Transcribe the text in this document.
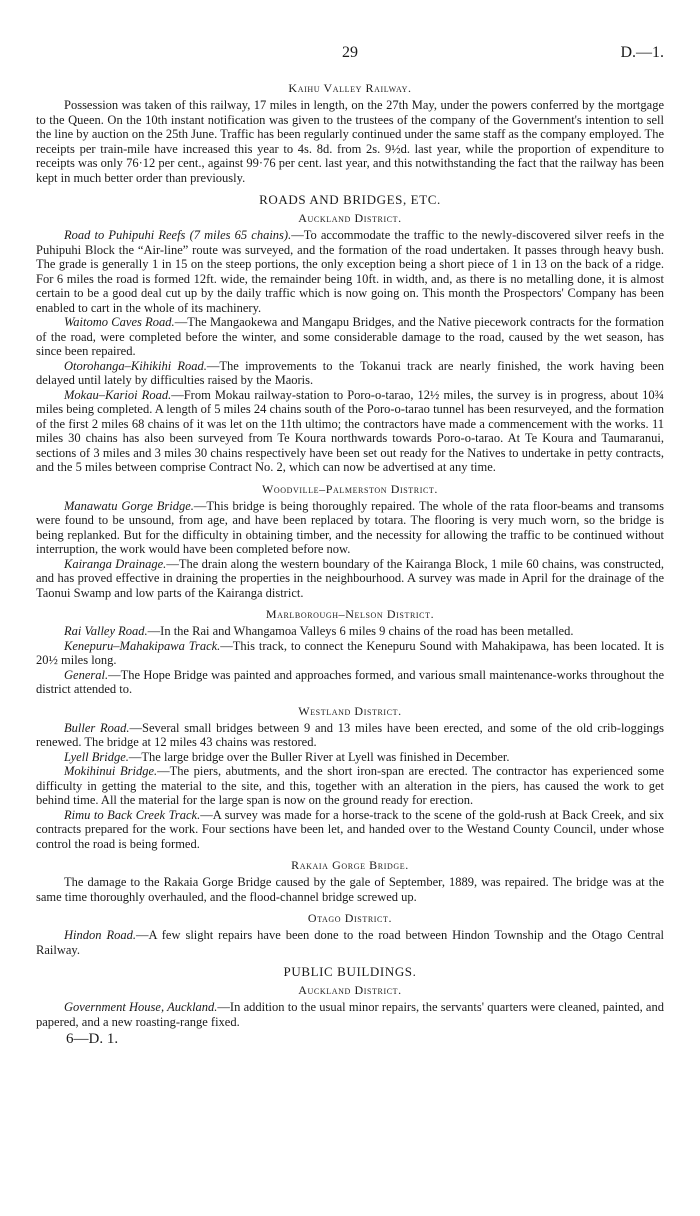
29	D.—1.
Kaihu Valley Railway.

Possession was taken of this railway, 17 miles in length, on the 27th May, under the powers conferred by the mortgage to the Queen. On the 10th instant notification was given to the trustees of the company of the Government's intention to sell the line by auction on the 25th June. Traffic has been regularly continued under the same staff as the company employed. The receipts per train-mile have increased this year to 4s. 8d. from 2s. 9½d. last year, while the proportion of expenditure to receipts was only 76·12 per cent., against 99·76 per cent. last year, and this notwithstanding the fact that the railway has been kept in much better order than previously.

ROADS AND BRIDGES, ETC.
Auckland District.

Road to Puhipuhi Reefs (7 miles 65 chains).—To accommodate the traffic to the newly-discovered silver reefs in the Puhipuhi Block the “Air-line” route was surveyed, and the formation of the road undertaken. It passes through heavy bush. The grade is generally 1 in 15 on the steep portions, the only exception being a short piece of 1 in 13 on the back of a ridge. For 6 miles the road is formed 12ft. wide, the remainder being 10ft. in width, and, as there is no metalling done, it is almost certain to be a good deal cut up by the daily traffic which is now going on. This month the Prospectors' Company has been enabled to cart in the whole of its machinery.

Waitomo Caves Road.—The Mangaokewa and Mangapu Bridges, and the Native piecework contracts for the formation of the road, were completed before the winter, and some considerable damage to the road, caused by the wet season, has since been repaired.

Otorohanga–Kihikihi Road.—The improvements to the Tokanui track are nearly finished, the work having been delayed until lately by difficulties raised by the Maoris.

Mokau–Karioi Road.—From Mokau railway-station to Poro-o-tarao, 12½ miles, the survey is in progress, about 10¾ miles being completed. A length of 5 miles 24 chains south of the Poro-o-tarao tunnel has been resurveyed, and the formation of the first 2 miles 68 chains of it was let on the 11th ultimo; the contractors have made a commencement with the works. 11 miles 30 chains has also been surveyed from Te Koura northwards towards Poro-o-tarao. At Te Koura and Taumaranui, sections of 3 miles and 3 miles 30 chains respectively have been set out ready for the Natives to undertake in petty contracts, and the 5 miles between comprise Contract No. 2, which can now be advertised at any time.

Woodville–Palmerston District.

Manawatu Gorge Bridge.—This bridge is being thoroughly repaired. The whole of the rata floor-beams and transoms were found to be unsound, from age, and have been replaced by totara. The flooring is very much worn, so the bridge is being replanked. But for the difficulty in obtaining timber, and the necessity for allowing the traffic to be continued without interruption, the work would have been completed before now.

Kairanga Drainage.—The drain along the western boundary of the Kairanga Block, 1 mile 60 chains, was constructed, and has proved effective in draining the properties in the neighbourhood. A survey was made in April for the drainage of the Taonui Swamp and low parts of the Kairanga district.

Marlborough–Nelson District.

Rai Valley Road.—In the Rai and Whangamoa Valleys 6 miles 9 chains of the road has been metalled.

Kenepuru–Mahakipawa Track.—This track, to connect the Kenepuru Sound with Mahakipawa, has been located. It is 20½ miles long.

General.—The Hope Bridge was painted and approaches formed, and various small maintenance-works throughout the district attended to.

Westland District.

Buller Road.—Several small bridges between 9 and 13 miles have been erected, and some of the old crib-loggings renewed. The bridge at 12 miles 43 chains was restored.

Lyell Bridge.—The large bridge over the Buller River at Lyell was finished in December.

Mokihinui Bridge.—The piers, abutments, and the short iron-span are erected. The contractor has experienced some difficulty in getting the material to the site, and this, together with an alteration in the piers, has caused the work to get behind time. All the material for the large span is now on the ground ready for erection.

Rimu to Back Creek Track.—A survey was made for a horse-track to the scene of the gold-rush at Back Creek, and six contracts prepared for the work. Four sections have been let, and handed over to the Westand County Council, under whose control the road is being formed.

Rakaia Gorge Bridge.

The damage to the Rakaia Gorge Bridge caused by the gale of September, 1889, was repaired. The bridge was at the same time thoroughly overhauled, and the flood-channel bridge screwed up.

Otago District.

Hindon Road.—A few slight repairs have been done to the road between Hindon Township and the Otago Central Railway.

PUBLIC BUILDINGS.
Auckland District.

Government House, Auckland.—In addition to the usual minor repairs, the servants' quarters were cleaned, painted, and papered, and a new roasting-range fixed.

6—D. 1.
